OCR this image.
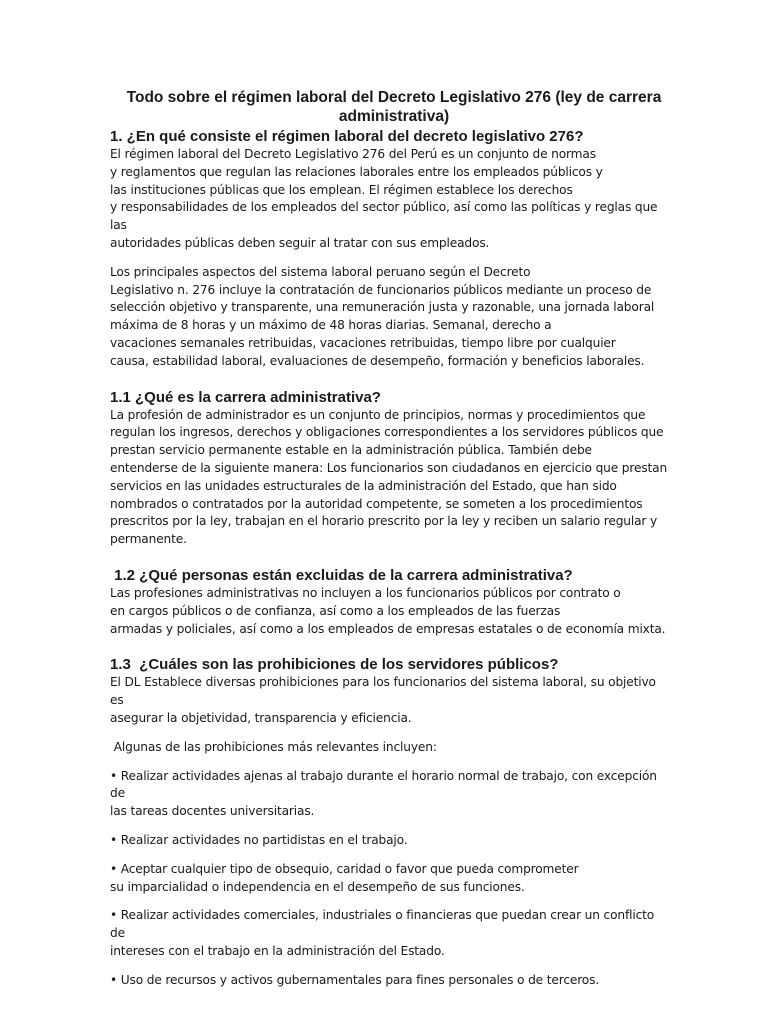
Todo sobre el régimen laboral del Decreto Legislativo 276 (ley de carrera
administrativa)
1. ¿En qué consiste el régimen laboral del decreto legislativo 276?

El régimen laboral del Decreto Legislativo 276 del Perú es un conjunto de normas
y reglamentos que regulan las relaciones laborales entre los empleados públicos y
las instituciones públicas que los emplean. El régimen establece los derechos
y responsabilidades de los empleados del sector público, así como las políticas y reglas que las
autoridades públicas deben seguir al tratar con sus empleados.

Los principales aspectos del sistema laboral peruano según el Decreto
Legislativo n. 276 incluye la contratación de funcionarios públicos mediante un proceso de
selección objetivo y transparente, una remuneración justa y razonable, una jornada laboral
máxima de 8 horas y un máximo de 48 horas diarias. Semanal, derecho a
vacaciones semanales retribuidas, vacaciones retribuidas, tiempo libre por cualquier
causa, estabilidad laboral, evaluaciones de desempeño, formación y beneficios laborales.

1.1 ¿Qué es la carrera administrativa?

La profesión de administrador es un conjunto de principios, normas y procedimientos que
regulan los ingresos, derechos y obligaciones correspondientes a los servidores públicos que
prestan servicio permanente estable en la administración pública. También debe
entenderse de la siguiente manera: Los funcionarios son ciudadanos en ejercicio que prestan
servicios en las unidades estructurales de la administración del Estado, que han sido
nombrados o contratados por la autoridad competente, se someten a los procedimientos
prescritos por la ley, trabajan en el horario prescrito por la ley y reciben un salario regular y
permanente.

1.2 ¿Qué personas están excluidas de la carrera administrativa?

Las profesiones administrativas no incluyen a los funcionarios públicos por contrato o
en cargos públicos o de confianza, así como a los empleados de las fuerzas
armadas y policiales, así como a los empleados de empresas estatales o de economía mixta.

1.3  ¿Cuáles son las prohibiciones de los servidores públicos?

El DL Establece diversas prohibiciones para los funcionarios del sistema laboral, su objetivo es
asegurar la objetividad, transparencia y eficiencia.

Algunas de las prohibiciones más relevantes incluyen:

• Realizar actividades ajenas al trabajo durante el horario normal de trabajo, con excepción de
las tareas docentes universitarias.

• Realizar actividades no partidistas en el trabajo.

• Aceptar cualquier tipo de obsequio, caridad o favor que pueda comprometer
su imparcialidad o independencia en el desempeño de sus funciones.

• Realizar actividades comerciales, industriales o financieras que puedan crear un conflicto de
intereses con el trabajo en la administración del Estado.

• Uso de recursos y activos gubernamentales para fines personales o de terceros.
